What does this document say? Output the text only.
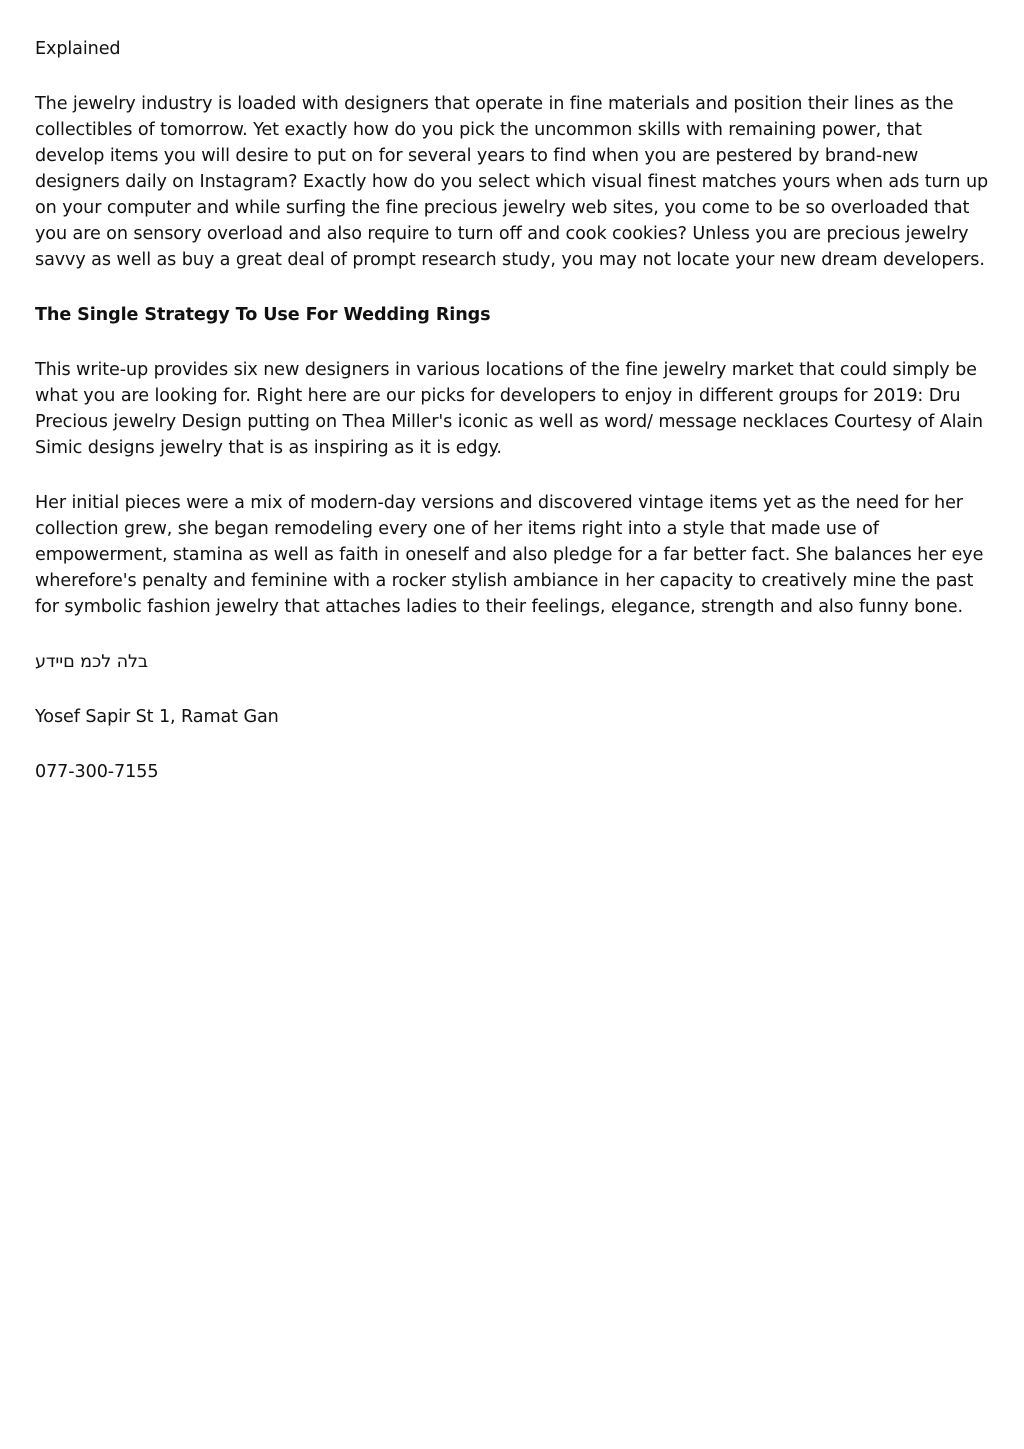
Explained

The jewelry industry is loaded with designers that operate in fine materials and position their lines as the collectibles of tomorrow. Yet exactly how do you pick the uncommon skills with remaining power, that develop items you will desire to put on for several years to find when you are pestered by brand-new designers daily on Instagram? Exactly how do you select which visual finest matches yours when ads turn up on your computer and while surfing the fine precious jewelry web sites, you come to be so overloaded that you are on sensory overload and also require to turn off and cook cookies? Unless you are precious jewelry savvy as well as buy a great deal of prompt research study, you may not locate your new dream developers.

The Single Strategy To Use For Wedding Rings

This write-up provides six new designers in various locations of the fine jewelry market that could simply be what you are looking for. Right here are our picks for developers to enjoy in different groups for 2019: Dru Precious jewelry Design putting on Thea Miller's iconic as well as word/ message necklaces Courtesy of Alain Simic designs jewelry that is as inspiring as it is edgy.

Her initial pieces were a mix of modern-day versions and discovered vintage items yet as the need for her collection grew, she began remodeling every one of her items right into a style that made use of empowerment, stamina as well as faith in oneself and also pledge for a far better fact. She balances her eye wherefore's penalty and feminine with a rocker stylish ambiance in her capacity to creatively mine the past for symbolic fashion jewelry that attaches ladies to their feelings, elegance, strength and also funny bone.

בלה לכמ םיידע

Yosef Sapir St 1, Ramat Gan

077-300-7155
